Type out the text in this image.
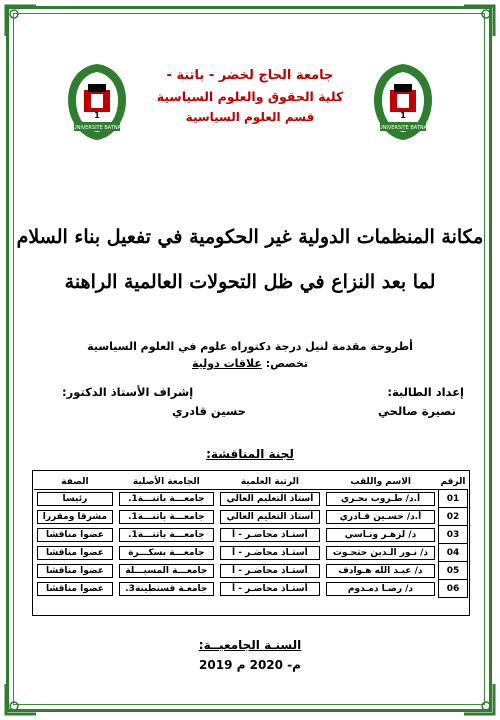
UNIVERSITE BATNA
1
UNIVERSITE BATNA
1
جامعة الحاج لخضر - باتنة -
كلية الحقوق والعلوم السياسية
قسم العلوم السياسية
مكانة المنظمات الدولية غير الحكومية في تفعيل بناء السلام
لما بعد النزاع في ظل التحولات العالمية الراهنة
أطروحة مقدمة لنيل درجة دكتوراه علوم في العلوم السياسية
تخصص: علاقات دولية
إعداد الطالبة:
نصيرة صالحي
إشراف الأستاذ الدكتور:
حسين قادري
لجنة المناقشة:
الرقم	الاسم واللقب	الرتبة العلمية	الجامعة الأصلية	الصفة
01	أ.د/ طـروب بحـري	أستاذ التعليم العالي	جامعـــة باتنـــة1.	رئيسا

02	أ.د/ حسـين قـادري	أستاذ التعليم العالي	جامعـــة باتنـــة1.	مشرفا ومقررا

03	د/ لزهـر ونـاسي	أستـاذ محاضـر - أ	جامعـــة باتنـــة1.	عضوا مناقشا

04	د/ نـور الـدين حتحـوت	أستـاذ محاضـر - أ	جامعـــة بسكـــرة	عضوا مناقشا

05	د/ عبـد الله هـوادف	أستـاذ محاضـر - أ	جامعـــة المسيـــلة	عضوا مناقشا

06	د/ رضـا دمـدوم	أستـاذ محاضـر - أ	جامعـة قسنطينة3.	عضوا مناقشا
السنـة الجامعيــة:
2019 م- 2020 م
